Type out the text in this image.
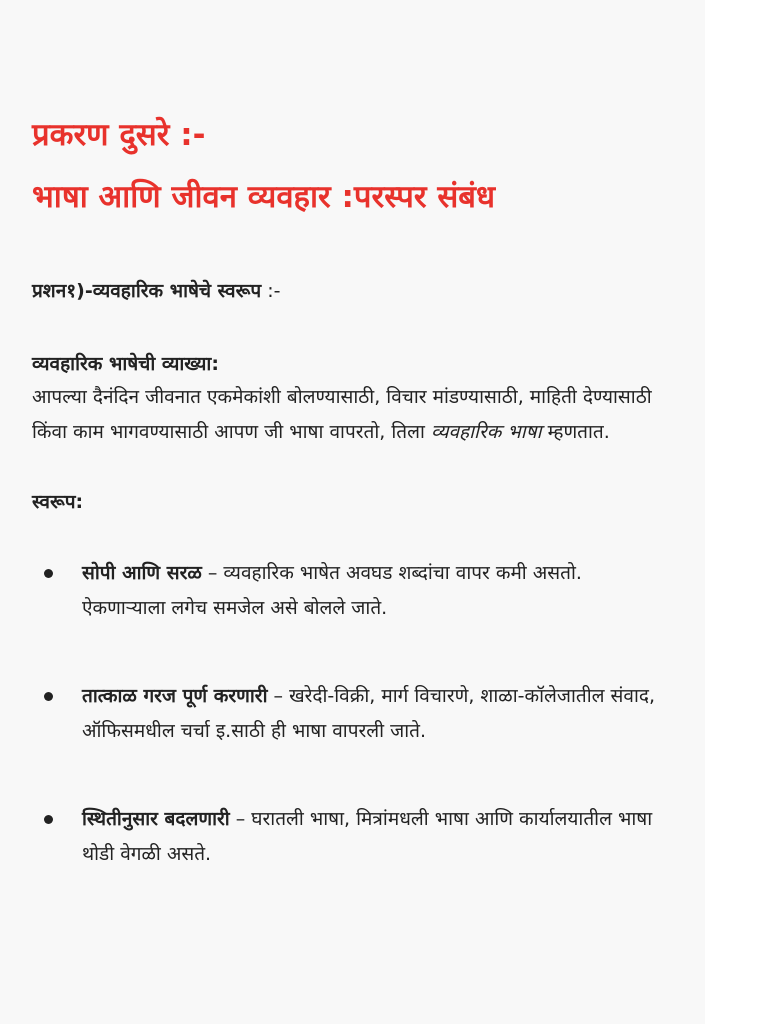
प्रकरण दुसरे :-
भाषा आणि जीवन व्यवहार :परस्पर संबंध

प्रशन१)-व्यवहारिक भाषेचे स्वरूप :-

व्यवहारिक भाषेची व्याख्या:
आपल्या दैनंदिन जीवनात एकमेकांशी बोलण्यासाठी, विचार मांडण्यासाठी, माहिती देण्यासाठी किंवा काम भागवण्यासाठी आपण जी भाषा वापरतो, तिला व्यवहारिक भाषा म्हणतात.
स्वरूप:
सोपी आणि सरळ – व्यवहारिक भाषेत अवघड शब्दांचा वापर कमी असतो. ऐकणाऱ्याला लगेच समजेल असे बोलले जाते.
तात्काळ गरज पूर्ण करणारी – खरेदी-विक्री, मार्ग विचारणे, शाळा-कॉलेजातील संवाद, ऑफिसमधील चर्चा इ.साठी ही भाषा वापरली जाते.
स्थितीनुसार बदलणारी – घरातली भाषा, मित्रांमधली भाषा आणि कार्यालयातील भाषा थोडी वेगळी असते.
